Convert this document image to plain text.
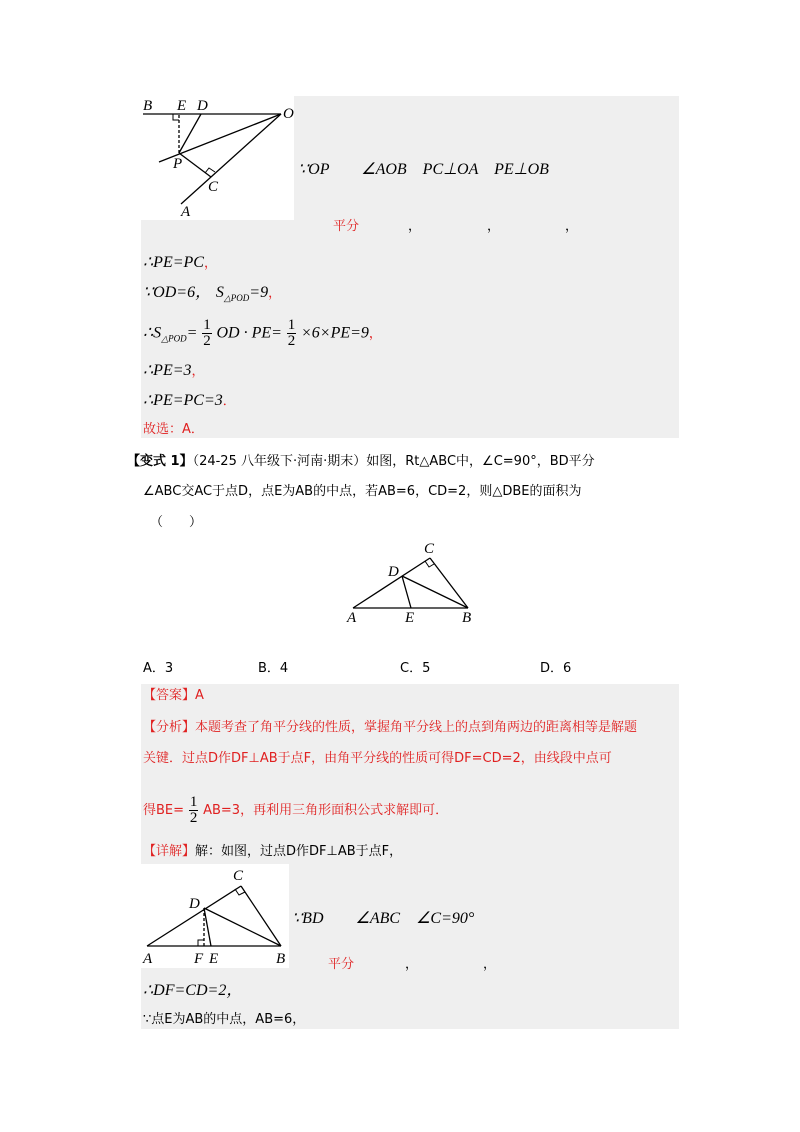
B E D	O
P
C
A
∵OP　　∠AOB　PC⊥OA　PE⊥OB
平分	，	，	，
∴PE=PC，
∵OD=6， $S_{\triangle POD}=9$，
$\therefore S_{\triangle POD}= \frac{1}{2}$ OD · $PE= \frac{1}{2} \times 6\times PE=9$，
∴PE=3，
∴PE=PC=3．
故选：A．
【变式 1】（24-25 八年级下·河南·期末）如图，Rt△ABC中，∠C=90°，BD平分
∠ABC交AC于点D，点E为AB的中点，若AB=6，CD=2，则△DBE的面积为
（　　）
C
D
A	E	B
A．3	B．4	C．5	D．6
【答案】A
【分析】本题考查了角平分线的性质，掌握角平分线上的点到角两边的距离相等是解题
关键．过点D作DF⊥AB于点F，由角平分线的性质可得DF=CD=2，由线段中点可
得$BE= \frac{1}{2} AB=3$，再利用三角形面积公式求解即可．
【详解】解：如图，过点D作DF⊥AB于点F，
C
D
A	F E	B
∵BD　　∠ABC　∠C=90°
平分	，	，
∴DF=CD=2，
∵点E为AB的中点，AB=6，
